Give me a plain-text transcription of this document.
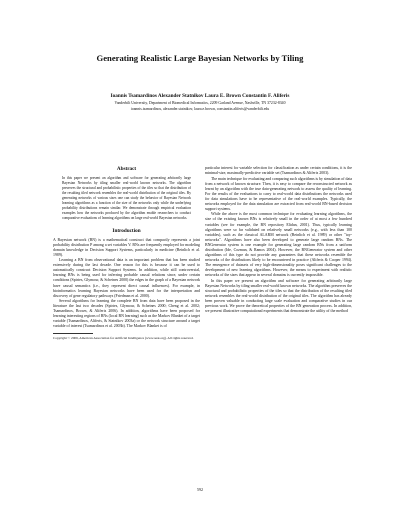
Generating Realistic Large Bayesian Networks by Tiling
Ioannis Tsamardinos Alexander Statnikov Laura E. Brown Constantin F. Aliferis
Vanderbilt University, Department of Biomedical Informatics, 2209 Garland Avenue, Nashville, TN 37232-8340
ioannis.tsamardinos, alexander.statnikov, laura.e.brown, constantin.aliferis@vanderbilt.edu
Abstract

In this paper we present an algorithm and software for generating arbitrarily large Bayesian Networks by tiling smaller real-world known networks. The algorithm preserves the structural and probabilistic properties of the tiles so that the distribution of the resulting tiled network resembles the real-world distribution of the original tiles. By generating networks of various sizes one can study the behavior of Bayesian Network learning algorithms as a function of the size of the networks only while the underlying probability distributions remain similar. We demonstrate through empirical evaluation examples how the networks produced by the algorithm enable researchers to conduct comparative evaluations of learning algorithms on large real-world Bayesian networks.

Introduction

A Bayesian network (BN) is a mathematical construct that compactly represents a joint probability distribution P among a set variables V. BNs are frequently employed for modeling domain knowledge in Decision Support Systems, particularly in medicine (Beinlich et al. 1989).

Learning a BN from observational data is an important problem that has been studied extensively during the last decade. One reason for this is because it can be used to automatically construct Decision Support Systems. In addition, while still controversial, learning BNs is being used for inferring probable causal relations since, under certain conditions (Spirtes, Glymour, & Scheines 2000) the edges in the graph of a Bayesian network have causal semantics (i.e., they represent direct causal influences). For example, in bioinformatics learning Bayesian networks have been used for the interpretation and discovery of gene regulatory pathways (Friedman et al. 2000).

Several algorithms for learning the complete BN from data have been proposed in the literature the last two decades (Spirtes, Glymour, & Scheines 2000; Cheng et al. 2002; Tsamardinos, Brown, & Aliferis 2006). In addition, algorithms have been proposed for learning interesting regions of BNs (local BN learning) such as the Markov Blanket of a target variable (Tsamardinos, Aliferis, & Statnikov 2003a) or the network structure around a target variable of interest (Tsamardinos et al. 2003b). The Markov Blanket is of

Copyright © 2006, American Association for Artificial Intelligence (www.aaai.org). All rights reserved.

particular interest for variable selection for classification as under certain conditions, it is the minimal-size, maximally-predictive variable set (Tsamardinos & Aliferis 2003).

The main technique for evaluating and comparing such algorithms is by simulation of data from a network of known structure. Then, it is easy to compare the reconstructed network as learnt by an algorithm with the true data-generating network to assess the quality of learning. For the results of the evaluations to carry to real-world data distributions the networks used for data simulations have to be representative of the real-world examples. Typically, the networks employed for the data simulation are extracted from real-world BN-based decision support systems.

While the above is the most common technique for evaluating learning algorithms, the size of the existing known BNs is relatively small in the order of at most a few hundred variables (see for example, the BN repository Elidan, 2001). Thus, typically learning algorithms were so far validated on relatively small networks (e.g., with less than 100 variables), such as the classical ALARM network (Beinlich et al. 1989) or other "toy-networks". Algorithms have also been developed to generate large random BNs. The BNGenerator system is one example for generating large random BNs from a uniform distribution (Ide, Cozman, & Ramos 2004). However, the BNGenerator system and other algorithms of this type do not provide any guarantees that these networks resemble the networks of the distributions likely to be encountered in practice (Aliferis & Cooper 1994). The emergence of datasets of very high-dimensionality poses significant challenges to the development of new learning algorithms. However, the means to experiment with realistic networks of the sizes that appear in several domains is currently impossible.

In this paper we present an algorithm and software for generating arbitrarily large Bayesian Networks by tiling smaller real-world known networks. The algorithm preserves the structural and probabilistic properties of the tiles so that the distribution of the resulting tiled network resembles the real-world distribution of the original tiles. The algorithm has already been proven valuable in conducting large scale evaluation and comparative studies in our previous work. We prove the theoretical properties of the BN generation process. In addition, we present illustrative computational experiments that demonstrate the utility of the method

592
